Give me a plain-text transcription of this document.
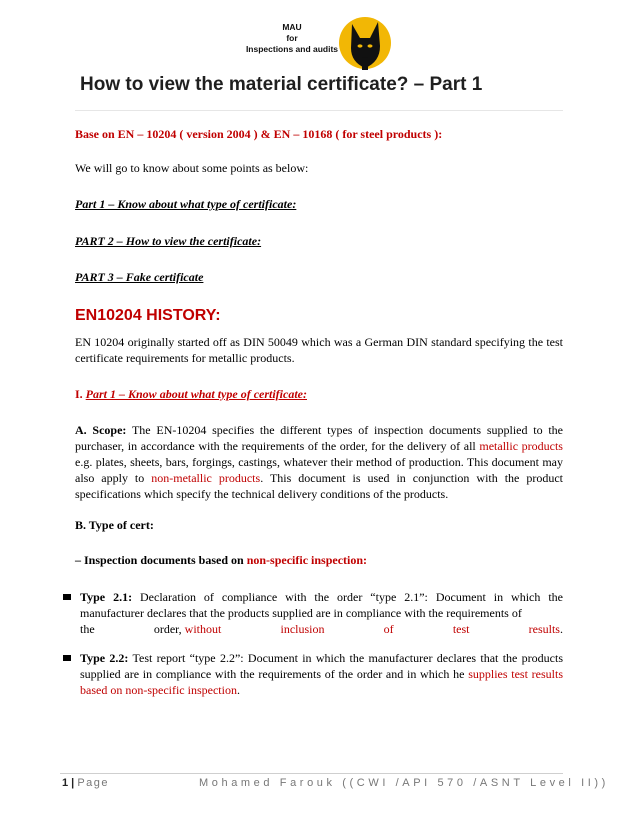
MAU
for
Inspections and audits
How to view the material certificate? – Part 1

Base on EN – 10204 ( version 2004 ) & EN – 10168 ( for steel products ):

We will go to know about some points as below:

Part 1 – Know about what type of certificate:

PART 2 – How to view the certificate:

PART 3 – Fake certificate

EN10204 HISTORY:

EN 10204 originally started off as DIN 50049 which was a German DIN standard specifying the test certificate requirements for metallic products.

I. Part 1 – Know about what type of certificate:

A. Scope: The EN-10204 specifies the different types of inspection documents supplied to the purchaser, in accordance with the requirements of the order, for the delivery of all metallic products e.g. plates, sheets, bars, forgings, castings, whatever their method of production. This document may also apply to non-metallic products. This document is used in conjunction with the product specifications which specify the technical delivery conditions of the products.

B. Type of cert:

– Inspection documents based on non-specific inspection:

Type 2.1: Declaration of compliance with the order “type 2.1”: Document in which the manufacturer declares that the products supplied are in compliance with the requirements of
the	order, without	inclusion	of	test	results.
Type 2.2: Test report “type 2.2”: Document in which the manufacturer declares that the products supplied are in compliance with the requirements of the order and in which he supplies test results based on non-specific inspection.
1 | Page	Mohamed Farouk ((CWI /API 570 /ASNT Level II))
